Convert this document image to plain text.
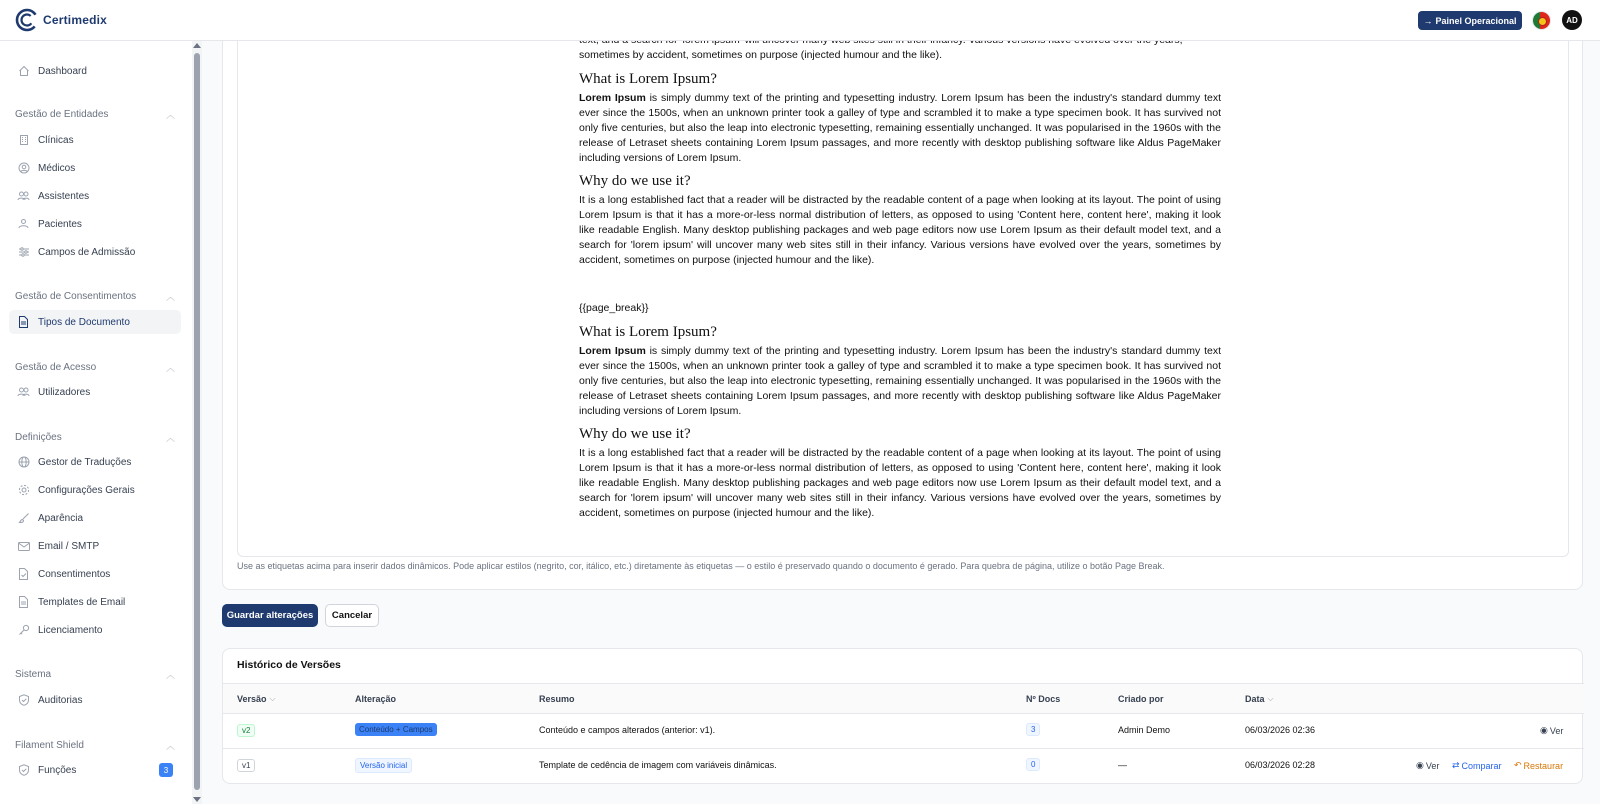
Certimedix	→ Painel Operacional	AD
Dashboard
Gestão de Entidades	︿
Clínicas
Médicos
Assistentes
Pacientes
Campos de Admissão
Gestão de Consentimentos	︿
Tipos de Documento
Gestão de Acesso	︿
Utilizadores
Definições	︿
Gestor de Traduções
Configurações Gerais
Aparência
Email / SMTP
Consentimentos
Templates de Email
Licenciamento
Sistema	︿
Auditorias
Filament Shield	︿
Funções	3

sometimes by accident, sometimes on purpose (injected humour and the like).

What is Lorem Ipsum?

Lorem Ipsum is simply dummy text of the printing and typesetting industry. Lorem Ipsum has been the industry's standard dummy text ever since the 1500s, when an unknown printer took a galley of type and scrambled it to make a type specimen book. It has survived not only five centuries, but also the leap into electronic typesetting, remaining essentially unchanged. It was popularised in the 1960s with the release of Letraset sheets containing Lorem Ipsum passages, and more recently with desktop publishing software like Aldus PageMaker including versions of Lorem Ipsum.

Why do we use it?

It is a long established fact that a reader will be distracted by the readable content of a page when looking at its layout. The point of using Lorem Ipsum is that it has a more-or-less normal distribution of letters, as opposed to using 'Content here, content here', making it look like readable English. Many desktop publishing packages and web page editors now use Lorem Ipsum as their default model text, and a search for 'lorem ipsum' will uncover many web sites still in their infancy. Various versions have evolved over the years, sometimes by accident, sometimes on purpose (injected humour and the like).

{{page_break}}

What is Lorem Ipsum?

Lorem Ipsum is simply dummy text of the printing and typesetting industry. Lorem Ipsum has been the industry's standard dummy text ever since the 1500s, when an unknown printer took a galley of type and scrambled it to make a type specimen book. It has survived not only five centuries, but also the leap into electronic typesetting, remaining essentially unchanged. It was popularised in the 1960s with the release of Letraset sheets containing Lorem Ipsum passages, and more recently with desktop publishing software like Aldus PageMaker including versions of Lorem Ipsum.

Why do we use it?

It is a long established fact that a reader will be distracted by the readable content of a page when looking at its layout. The point of using Lorem Ipsum is that it has a more-or-less normal distribution of letters, as opposed to using 'Content here, content here', making it look like readable English. Many desktop publishing packages and web page editors now use Lorem Ipsum as their default model text, and a search for 'lorem ipsum' will uncover many web sites still in their infancy. Various versions have evolved over the years, sometimes by accident, sometimes on purpose (injected humour and the like).

Use as etiquetas acima para inserir dados dinâmicos. Pode aplicar estilos (negrito, cor, itálico, etc.) diretamente às etiquetas — o estilo é preservado quando o documento é gerado. Para quebra de página, utilize o botão Page Break.
Guardar alterações	Cancelar
Histórico de Versões
Versão ⌵	Alteração	Resumo	Nº Docs	Criado por	Data ⌵
v2	Conteúdo + Campos	Conteúdo e campos alterados (anterior: v1).	3	Admin Demo	06/03/2026 02:36	◉ Ver
v1	Versão inicial	Template de cedência de imagem com variáveis dinâmicas.	0	—	06/03/2026 02:28	◉ Ver ⇄ Comparar ↶ Restaurar
